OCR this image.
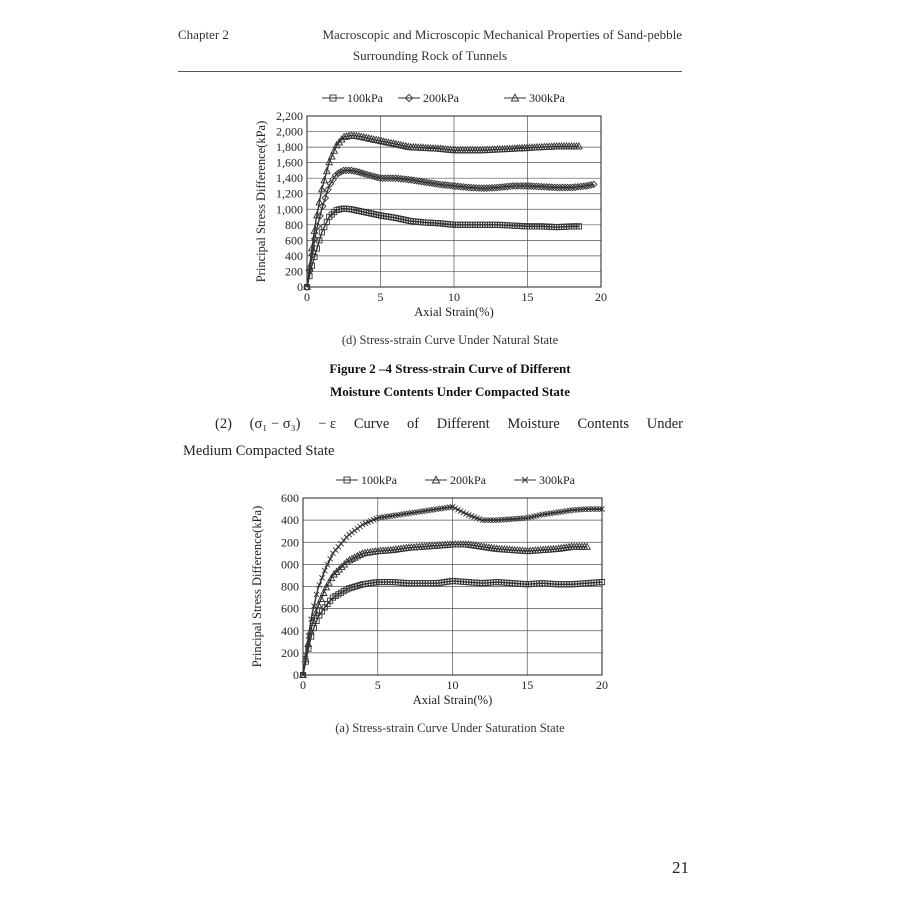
Chapter 2	Macroscopic and Microscopic Mechanical Properties of Sand-pebble
Surrounding Rock of Tunnels
100kPa	200kPa	300kPa
0
200
400
600
800
1,000
1,200
1,400
1,600
1,800
2,000
2,200
0	5	10	15	20
Axial Strain(%)
Principal Stress Difference(kPa)
(d) Stress-strain Curve Under Natural State
Figure 2 –4 Stress-strain Curve of Different
Moisture Contents Under Compacted State
(2) (σ₁ − σ₃) − ε Curve of Different Moisture Contents Under
Medium Compacted State
100kPa	200kPa	300kPa
0
200
400
600
800
000
200
400
600
0	5	10	15	20
Axial Strain(%)
Principal Stress Difference(kPa)
(a) Stress-strain Curve Under Saturation State
21
